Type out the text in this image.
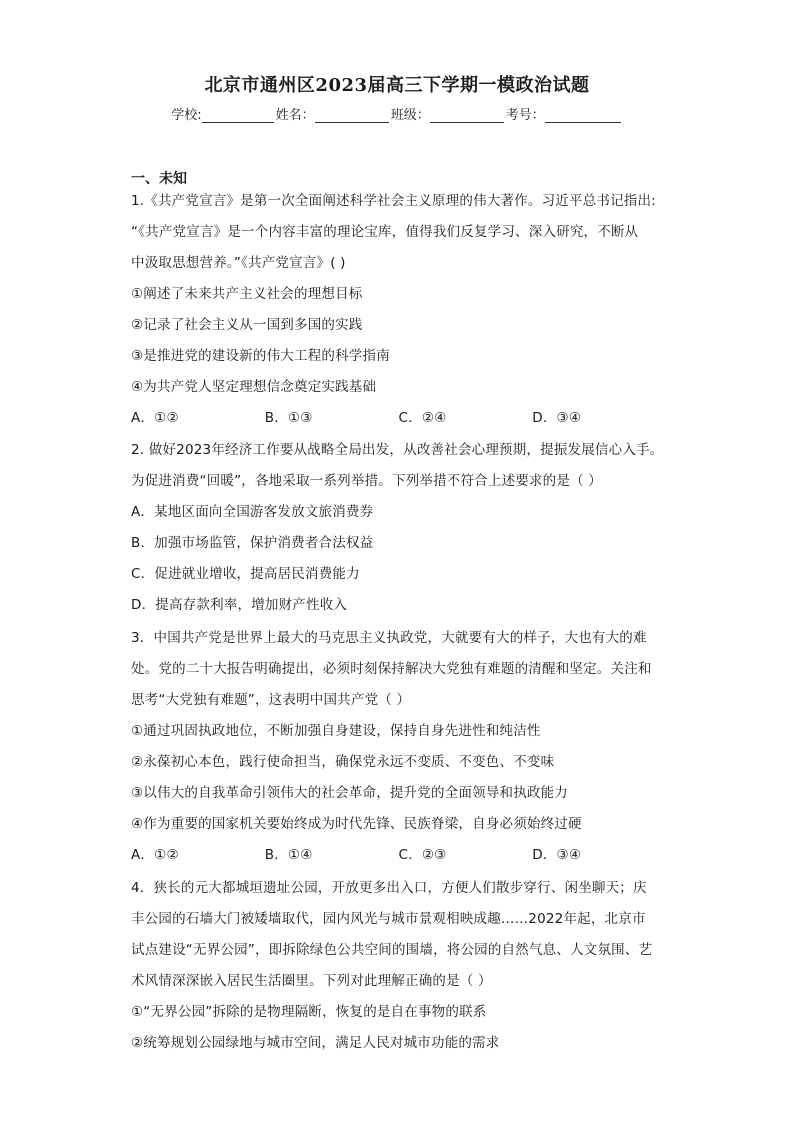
北京市通州区2023届高三下学期一模政治试题
学校:	姓名：	班级：	考号：
一、未知
1.《共产党宣言》是第一次全面阐述科学社会主义原理的伟大著作。习近平总书记指出:
“《共产党宣言》是一个内容丰富的理论宝库，值得我们反复学习、深入研究，不断从
中汲取思想营养。”《共产党宣言》( )
①阐述了未来共产主义社会的理想目标
②记录了社会主义从一国到多国的实践
③是推进党的建设新的伟大工程的科学指南
④为共产党人坚定理想信念奠定实践基础
A．①②	B．①③	C．②④	D．③④
2. 做好2023年经济工作要从战略全局出发，从改善社会心理预期，提振发展信心入手。
为促进消费“回暖”，各地采取一系列举措。下列举措不符合上述要求的是（ ）
A．某地区面向全国游客发放文旅消费券
B．加强市场监管，保护消费者合法权益
C．促进就业增收，提高居民消费能力
D．提高存款利率，增加财产性收入
3．中国共产党是世界上最大的马克思主义执政党，大就要有大的样子，大也有大的难
处。党的二十大报告明确提出，必须时刻保持解决大党独有难题的清醒和坚定。关注和
思考“大党独有难题”，这表明中国共产党（ ）
①通过巩固执政地位，不断加强自身建设，保持自身先进性和纯洁性
②永葆初心本色，践行使命担当，确保党永远不变质、不变色、不变味
③以伟大的自我革命引领伟大的社会革命，提升党的全面领导和执政能力
④作为重要的国家机关要始终成为时代先锋、民族脊梁，自身必须始终过硬
A．①②	B．①④	C．②③	D．③④
4．狭长的元大都城垣遗址公园，开放更多出入口，方便人们散步穿行、闲坐聊天；庆
丰公园的石墙大门被矮墙取代，园内风光与城市景观相映成趣……2022年起，北京市
试点建设“无界公园”，即拆除绿色公共空间的围墙，将公园的自然气息、人文氛围、艺
术风情深深嵌入居民生活圈里。下列对此理解正确的是（ ）
①“无界公园”拆除的是物理隔断，恢复的是自在事物的联系
②统筹规划公园绿地与城市空间，满足人民对城市功能的需求
